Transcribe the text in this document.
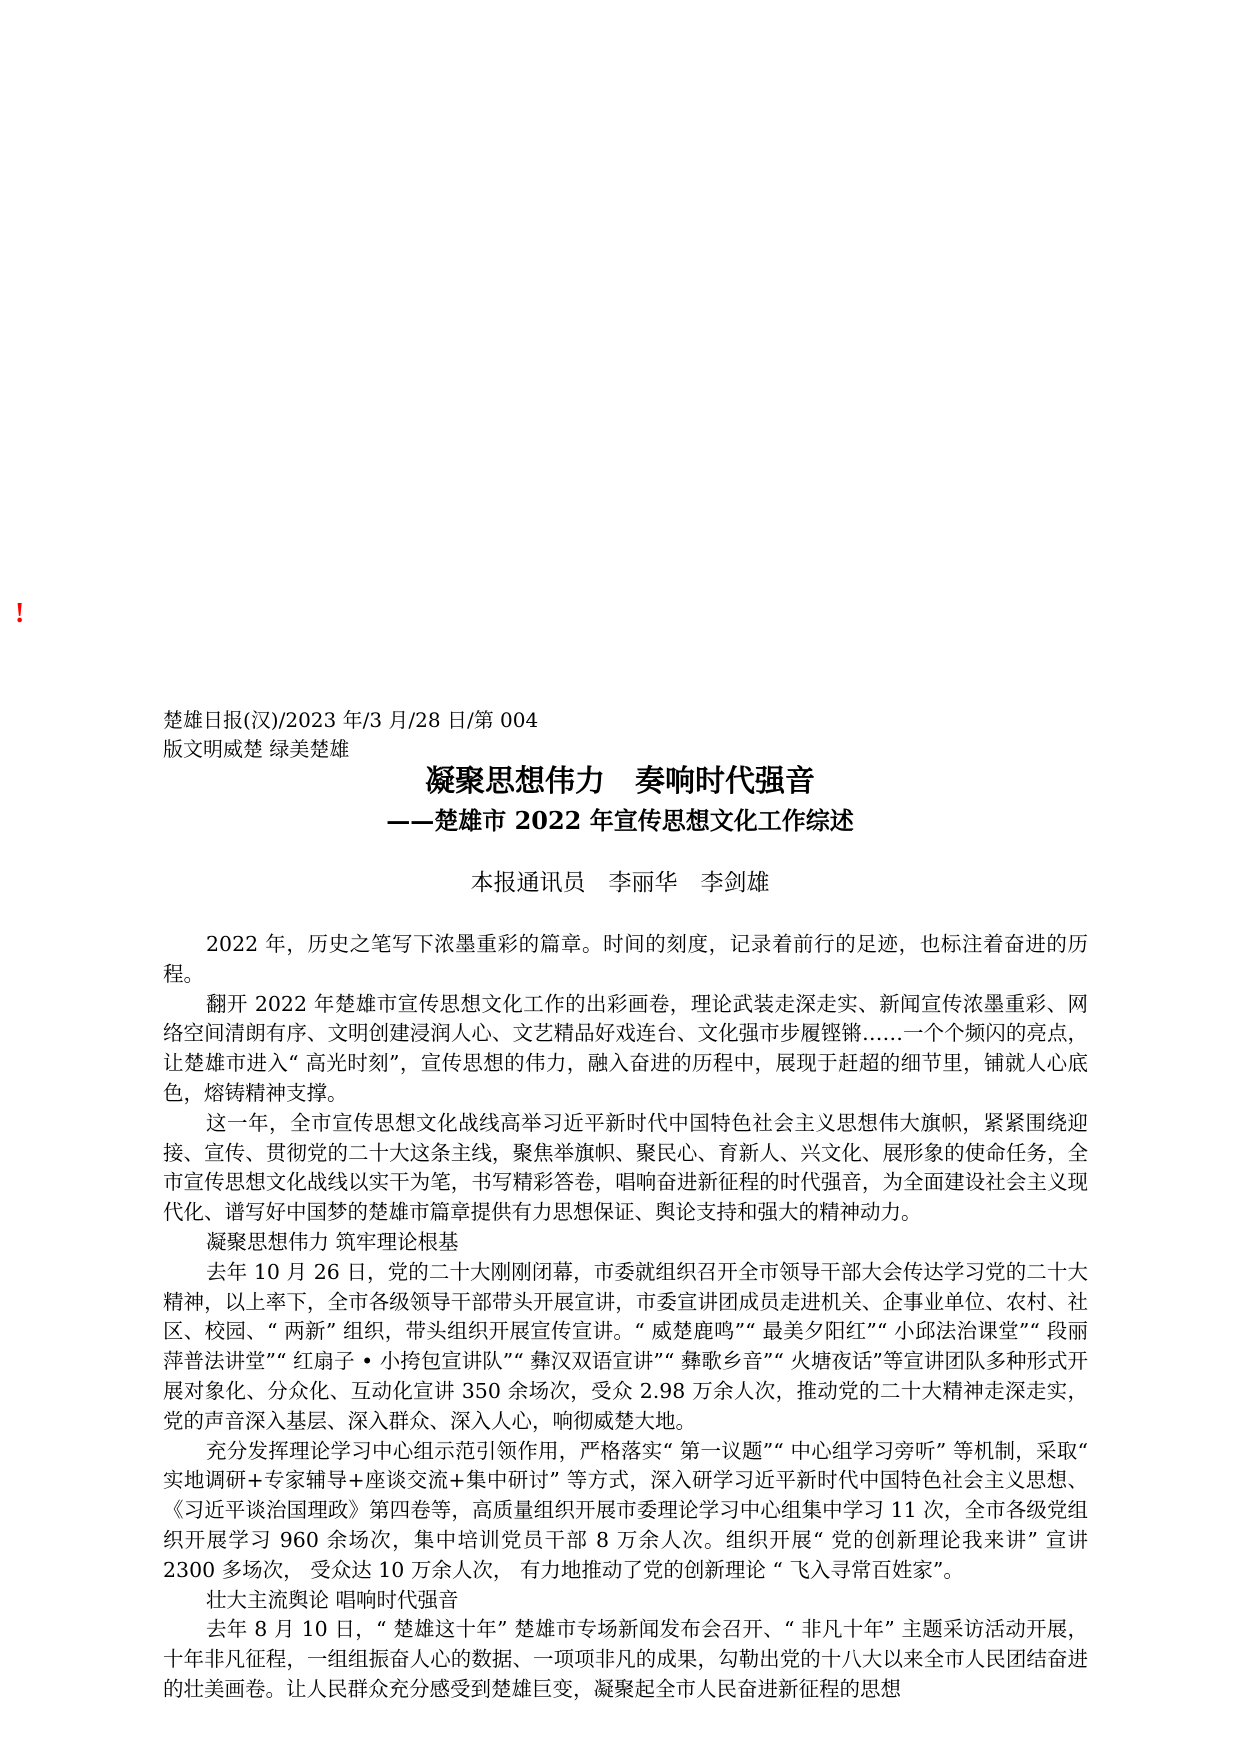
!
楚雄日报(汉)/2023 年/3 月/28 日/第 004
版文明威楚 绿美楚雄
凝聚思想伟力　奏响时代强音
——楚雄市 2022 年宣传思想文化工作综述
本报通讯员　李丽华　李剑雄

2022 年，历史之笔写下浓墨重彩的篇章。时间的刻度，记录着前行的足迹，也标注着奋进的历程。

翻开 2022 年楚雄市宣传思想文化工作的出彩画卷，理论武装走深走实、新闻宣传浓墨重彩、网络空间清朗有序、文明创建浸润人心、文艺精品好戏连台、文化强市步履铿锵……一个个频闪的亮点，让楚雄市进入“ 高光时刻”，宣传思想的伟力，融入奋进的历程中，展现于赶超的细节里，铺就人心底色，熔铸精神支撑。

这一年，全市宣传思想文化战线高举习近平新时代中国特色社会主义思想伟大旗帜，紧紧围绕迎接、宣传、贯彻党的二十大这条主线，聚焦举旗帜、聚民心、育新人、兴文化、展形象的使命任务，全市宣传思想文化战线以实干为笔，书写精彩答卷，唱响奋进新征程的时代强音，为全面建设社会主义现代化、谱写好中国梦的楚雄市篇章提供有力思想保证、舆论支持和强大的精神动力。

凝聚思想伟力 筑牢理论根基

去年 10 月 26 日，党的二十大刚刚闭幕，市委就组织召开全市领导干部大会传达学习党的二十大精神，以上率下，全市各级领导干部带头开展宣讲，市委宣讲团成员走进机关、企事业单位、农村、社区、校园、“ 两新” 组织，带头组织开展宣传宣讲。“ 威楚鹿鸣”“ 最美夕阳红”“ 小邱法治课堂”“ 段丽萍普法讲堂”“ 红扇子 • 小挎包宣讲队”“ 彝汉双语宣讲”“ 彝歌乡音”“ 火塘夜话”等宣讲团队多种形式开展对象化、分众化、互动化宣讲 350 余场次，受众 2.98 万余人次，推动党的二十大精神走深走实，党的声音深入基层、深入群众、深入人心，响彻威楚大地。

充分发挥理论学习中心组示范引领作用，严格落实“ 第一议题”“ 中心组学习旁听” 等机制，采取“ 实地调研+专家辅导+座谈交流+集中研讨” 等方式，深入研学习近平新时代中国特色社会主义思想、《习近平谈治国理政》第四卷等，高质量组织开展市委理论学习中心组集中学习 11 次，全市各级党组织开展学习 960 余场次，集中培训党员干部 8 万余人次。组织开展“ 党的创新理论我来讲” 宣讲 2300 多场次， 受众达 10 万余人次， 有力地推动了党的创新理论 “ 飞入寻常百姓家”。

壮大主流舆论 唱响时代强音

去年 8 月 10 日，“ 楚雄这十年” 楚雄市专场新闻发布会召开、“ 非凡十年” 主题采访活动开展，十年非凡征程，一组组振奋人心的数据、一项项非凡的成果，勾勒出党的十八大以来全市人民团结奋进的壮美画卷。让人民群众充分感受到楚雄巨变，凝聚起全市人民奋进新征程的思想
